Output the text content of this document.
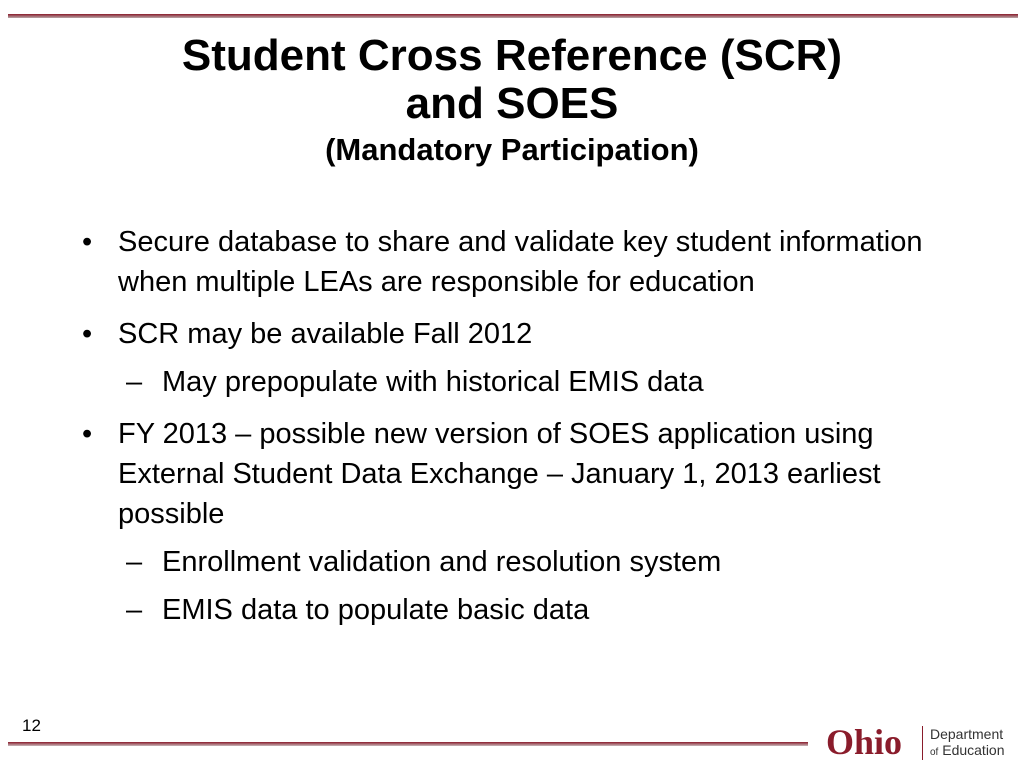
Student Cross Reference (SCR)
and SOES
(Mandatory Participation)
• Secure database to share and validate key student information when multiple LEAs are responsible for education
• SCR may be available Fall 2012
– May prepopulate with historical EMIS data
• FY 2013 – possible new version of SOES application using External Student Data Exchange – January 1, 2013 earliest possible
– Enrollment validation and resolution system
– EMIS data to populate basic data
12	Ohio Department
of Education
